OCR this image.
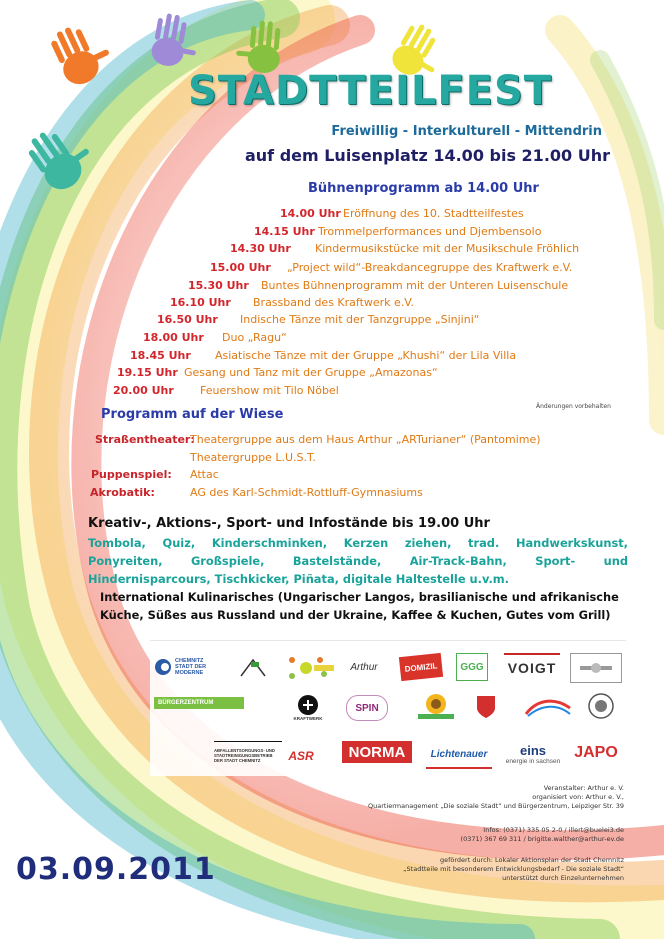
STADTTEILFEST
Freiwillig - Interkulturell - Mittendrin
auf dem Luisenplatz 14.00 bis 21.00 Uhr
Bühnenprogramm ab 14.00 Uhr
14.00 Uhr Eröffnung des 10. Stadtteilfestes
14.15 Uhr Trommelperformances und Djembensolo
14.30 Uhr Kindermusikstücke mit der Musikschule Fröhlich
15.00 Uhr „Project wild“-Breakdancegruppe des Kraftwerk e.V.
15.30 Uhr Buntes Bühnenprogramm mit der Unteren Luisenschule
16.10 Uhr Brassband des Kraftwerk e.V.
16.50 Uhr Indische Tänze mit der Tanzgruppe „Sinjini“
18.00 Uhr Duo „Ragu“
18.45 Uhr Asiatische Tänze mit der Gruppe „Khushi“ der Lila Villa
19.15 Uhr Gesang und Tanz mit der Gruppe „Amazonas“
20.00 Uhr Feuershow mit Tilo Nöbel
Änderungen vorbehalten
Programm auf der Wiese
Straßentheater:
Theatergruppe aus dem Haus Arthur „ARTurianer“ (Pantomime)
Theatergruppe L.U.S.T.
Puppenspiel: Attac
Akrobatik:	AG des Karl-Schmidt-Rottluff-Gymnasiums
Kreativ-, Aktions-, Sport- und Infostände bis 19.00 Uhr
Tombola, Quiz, Kinderschminken, Kerzen ziehen, trad. Handwerkskunst, Ponyreiten, Großspiele, Bastelstände, Air-Track-Bahn, Sport- und Hindernisparcours, Tischkicker, Piñata, digitale Haltestelle u.v.m.
International Kulinarisches (Ungarischer Langos, brasilianische und afrikanische Küche, Süßes aus Russland und der Ukraine, Kaffee & Kuchen, Gutes vom Grill)
CHEMNITZ STADT DER MODERNE
Arthur	DOMIZIL	GGG	VOIGT
BÜRGERZENTRUM
KRAFTWERK
SPIN
ABFALLENTSORGUNGS- UND STADTREINIGUNGSBETRIEB DER STADT CHEMNITZ	ASR	NORMA	Lichtenauer	eins
energie in sachsen
JAPO
Veranstalter: Arthur e. V.
organisiert von: Arthur e. V.,
Quartiermanagement „Die soziale Stadt“ und Bürgerzentrum, Leipziger Str. 39
Infos: (0371) 335 05 2-0 / illert@buelei3.de
(0371) 367 69 311 / brigitte.walther@arthur-ev.de
gefördert durch: Lokaler Aktionsplan der Stadt Chemnitz
„Stadtteile mit besonderem Entwicklungsbedarf - Die soziale Stadt“
unterstützt durch Einzelunternehmen
03.09.2011
